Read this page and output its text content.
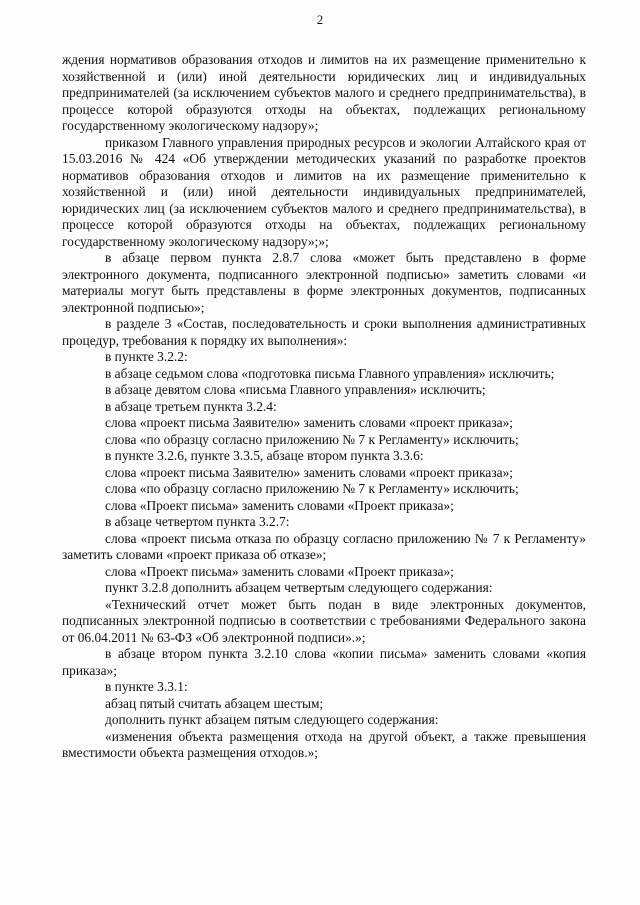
2

ждения нормативов образования отходов и лимитов на их размещение применительно к хозяйственной и (или) иной деятельности юридических лиц и индивидуальных предпринимателей (за исключением субъектов малого и среднего предпринимательства), в процессе которой образуются отходы на объектах, подлежащих региональному государственному экологическому надзору»;

приказом Главного управления природных ресурсов и экологии Алтайского края от 15.03.2016 № 424 «Об утверждении методических указаний по разработке проектов нормативов образования отходов и лимитов на их размещение применительно к хозяйственной и (или) иной деятельности индивидуальных предпринимателей, юридических лиц (за исключением субъектов малого и среднего предпринимательства), в процессе которой образуются отходы на объектах, подлежащих региональному государственному экологическому надзору»;»;

в абзаце первом пункта 2.8.7 слова «может быть представлено в форме электронного документа, подписанного электронной подписью» заметить словами «и материалы могут быть представлены в форме электронных документов, подписанных электронной подписью»;

в разделе 3 «Состав, последовательность и сроки выполнения административных процедур, требования к порядку их выполнения»:

в пункте 3.2.2:

в абзаце седьмом слова «подготовка письма Главного управления» исключить;

в абзаце девятом слова «письма Главного управления» исключить;

в абзаце третьем пункта 3.2.4:

слова «проект письма Заявителю» заменить словами «проект приказа»;

слова «по образцу согласно приложению № 7 к Регламенту» исключить;

в пункте 3.2.6, пункте 3.3.5, абзаце втором пункта 3.3.6:

слова «проект письма Заявителю» заменить словами «проект приказа»;

слова «по образцу согласно приложению № 7 к Регламенту» исключить;

слова «Проект письма» заменить словами «Проект приказа»;

в абзаце четвертом пункта 3.2.7:

слова «проект письма отказа по образцу согласно приложению № 7 к Регламенту» заметить словами «проект приказа об отказе»;

слова «Проект письма» заменить словами «Проект приказа»;

пункт 3.2.8 дополнить абзацем четвертым следующего содержания:

«Технический отчет может быть подан в виде электронных документов, подписанных электронной подписью в соответствии с требованиями Федерального закона от 06.04.2011 № 63-ФЗ «Об электронной подписи».»;

в абзаце втором пункта 3.2.10 слова «копии письма» заменить словами «копия приказа»;

в пункте 3.3.1:

абзац пятый считать абзацем шестым;

дополнить пункт абзацем пятым следующего содержания:

«изменения объекта размещения отхода на другой объект, а также превышения вместимости объекта размещения отходов.»;
